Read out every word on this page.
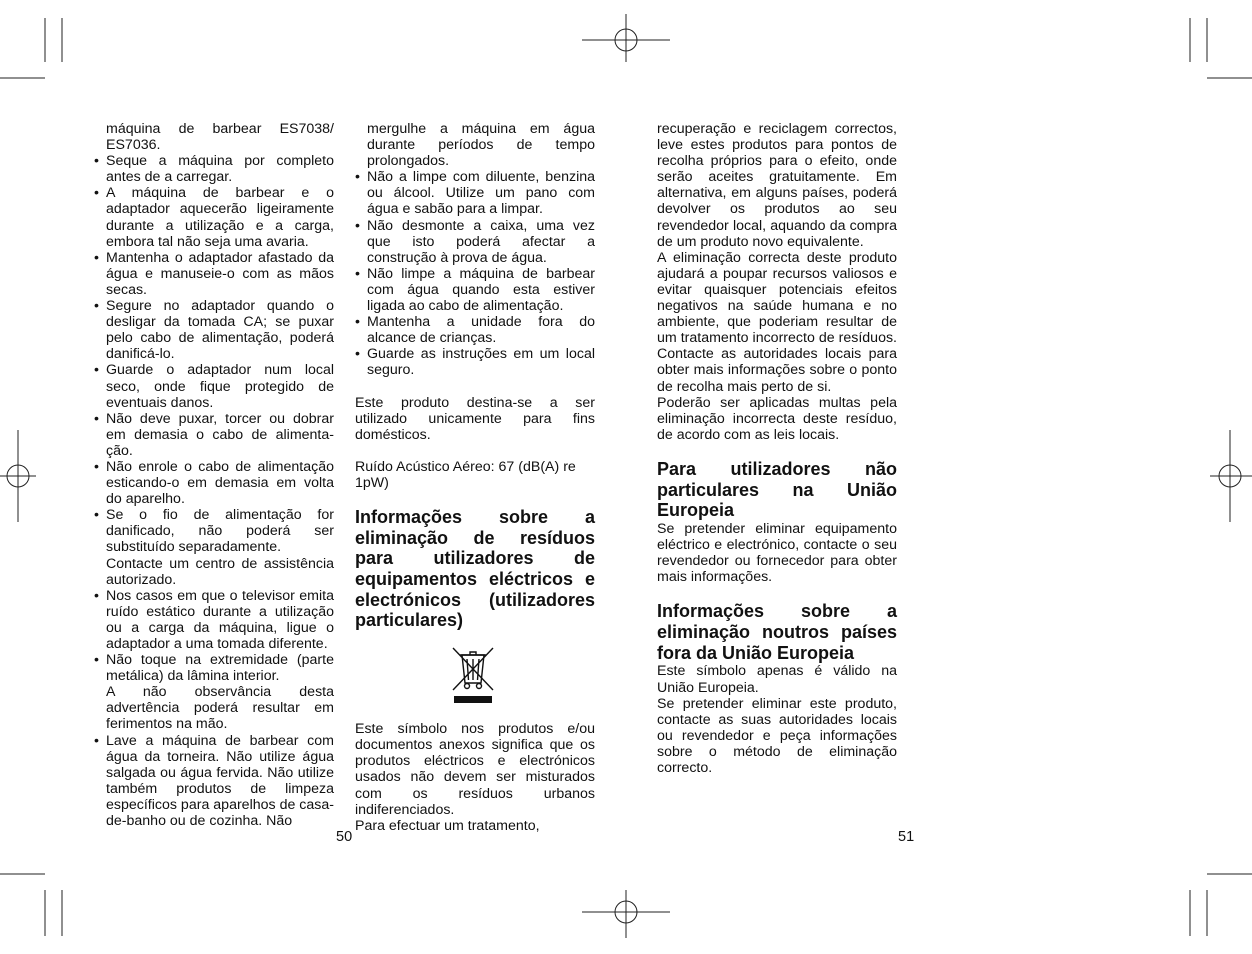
máquina de barbear ES7038/ ES7036.

• Seque a máquina por completo antes de a carregar.
• A máquina de barbear e o adaptador aquecerão ligeiramente durante a utilização e a carga, embora tal não seja uma avaria.
• Mantenha o adaptador afastado da água e manuseie-o com as mãos secas.
• Segure no adaptador quando o desligar da tomada CA; se puxar pelo cabo de alimentação, poderá danificá-lo.
• Guarde o adaptador num local seco, onde fique protegido de eventuais danos.
• Não deve puxar, torcer ou dobrar em demasia o cabo de alimenta-ção.
• Não enrole o cabo de alimentação esticando-o em demasia em volta do aparelho.
• Se o fio de alimentação for danificado, não poderá ser substituído separadamente.
Contacte um centro de assistência autorizado.
• Nos casos em que o televisor emita ruído estático durante a utilização ou a carga da máquina, ligue o adaptador a uma tomada diferente.
• Não toque na extremidade (parte metálica) da lâmina interior.
A não observância desta advertência poderá resultar em ferimentos na mão.
• Lave a máquina de barbear com água da torneira. Não utilize água salgada ou água fervida. Não utilize também produtos de limpeza específicos para aparelhos de casa-de-banho ou de cozinha. Não

mergulhe a máquina em água durante períodos de tempo prolongados.

• Não a limpe com diluente, benzina ou álcool. Utilize um pano com água e sabão para a limpar.
• Não desmonte a caixa, uma vez que isto poderá afectar a construção à prova de água.
• Não limpe a máquina de barbear com água quando esta estiver ligada ao cabo de alimentação.
• Mantenha a unidade fora do alcance de crianças.
• Guarde as instruções em um local seguro.

Este produto destina-se a ser utilizado unicamente para fins domésticos.

Ruído Acústico Aéreo: 67 (dB(A) re 1pW)

Informações sobre a eliminação de resíduos para utilizadores de equipamentos eléctricos e electrónicos (utilizadores particulares)

Este símbolo nos produtos e/ou documentos anexos significa que os produtos eléctricos e electrónicos usados não devem ser misturados com os resíduos urbanos indiferenciados.

Para efectuar um tratamento,

recuperação e reciclagem correctos, leve estes produtos para pontos de recolha próprios para o efeito, onde serão aceites gratuitamente. Em alternativa, em alguns países, poderá devolver os produtos ao seu revendedor local, aquando da compra de um produto novo equivalente.

A eliminação correcta deste produto ajudará a poupar recursos valiosos e evitar quaisquer potenciais efeitos negativos na saúde humana e no ambiente, que poderiam resultar de um tratamento incorrecto de resíduos. Contacte as autoridades locais para obter mais informações sobre o ponto de recolha mais perto de si.

Poderão ser aplicadas multas pela eliminação incorrecta deste resíduo, de acordo com as leis locais.

Para utilizadores não particulares na União Europeia

Se pretender eliminar equipamento eléctrico e electrónico, contacte o seu revendedor ou fornecedor para obter mais informações.

Informações sobre a eliminação noutros países fora da União Europeia

Este símbolo apenas é válido na União Europeia.

Se pretender eliminar este produto, contacte as suas autoridades locais ou revendedor e peça informações sobre o método de eliminação correcto.

50	51
